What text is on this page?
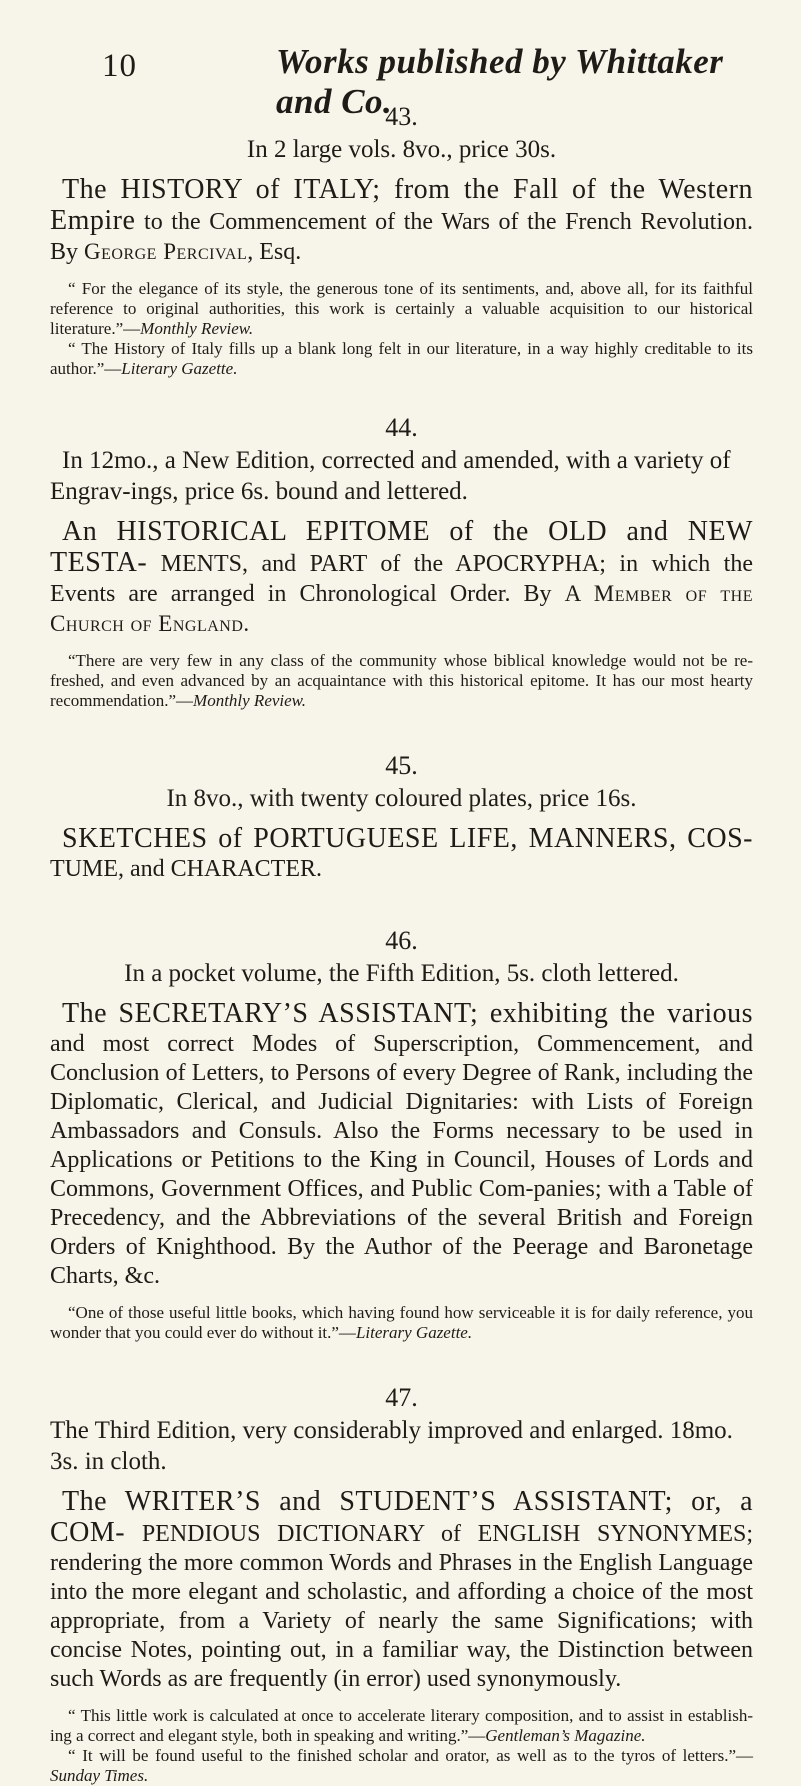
10	Works published by Whittaker and Co.

43.

In 2 large vols. 8vo., price 30s.

The HISTORY of ITALY; from the Fall of the Western Empire to the Commencement of the Wars of the French Revolution. By George Percival, Esq.

“ For the elegance of its style, the generous tone of its sentiments, and, above all, for its faithful reference to original authorities, this work is certainly a valuable acquisition to our historical literature.”—Monthly Review.

“ The History of Italy fills up a blank long felt in our literature, in a way highly creditable to its author.”—Literary Gazette.

44.

In 12mo., a New Edition, corrected and amended, with a variety of Engrav-ings, price 6s. bound and lettered.

An HISTORICAL EPITOME of the OLD and NEW TESTA- MENTS, and PART of the APOCRYPHA; in which the Events are arranged in Chronological Order. By A Member of the Church of England.

“There are very few in any class of the community whose biblical knowledge would not be re-freshed, and even advanced by an acquaintance with this historical epitome. It has our most hearty recommendation.”—Monthly Review.

45.

In 8vo., with twenty coloured plates, price 16s.

SKETCHES of PORTUGUESE LIFE, MANNERS, COS- TUME, and CHARACTER.

46.

In a pocket volume, the Fifth Edition, 5s. cloth lettered.

The SECRETARY’S ASSISTANT; exhibiting the various and most correct Modes of Superscription, Commencement, and Conclusion of Letters, to Persons of every Degree of Rank, including the Diplomatic, Clerical, and Judicial Dignitaries: with Lists of Foreign Ambassadors and Consuls. Also the Forms necessary to be used in Applications or Petitions to the King in Council, Houses of Lords and Commons, Government Offices, and Public Com-panies; with a Table of Precedency, and the Abbreviations of the several British and Foreign Orders of Knighthood. By the Author of the Peerage and Baronetage Charts, &c.

“One of those useful little books, which having found how serviceable it is for daily reference, you wonder that you could ever do without it.”—Literary Gazette.

47.

The Third Edition, very considerably improved and enlarged. 18mo. 3s. in cloth.

The WRITER’S and STUDENT’S ASSISTANT; or, a COM- PENDIOUS DICTIONARY of ENGLISH SYNONYMES; rendering the more common Words and Phrases in the English Language into the more elegant and scholastic, and affording a choice of the most appropriate, from a Variety of nearly the same Significations; with concise Notes, pointing out, in a familiar way, the Distinction between such Words as are frequently (in error) used synonymously.

“ This little work is calculated at once to accelerate literary composition, and to assist in establish-ing a correct and elegant style, both in speaking and writing.”—Gentleman’s Magazine.

“ It will be found useful to the finished scholar and orator, as well as to the tyros of letters.”—Sunday Times.
